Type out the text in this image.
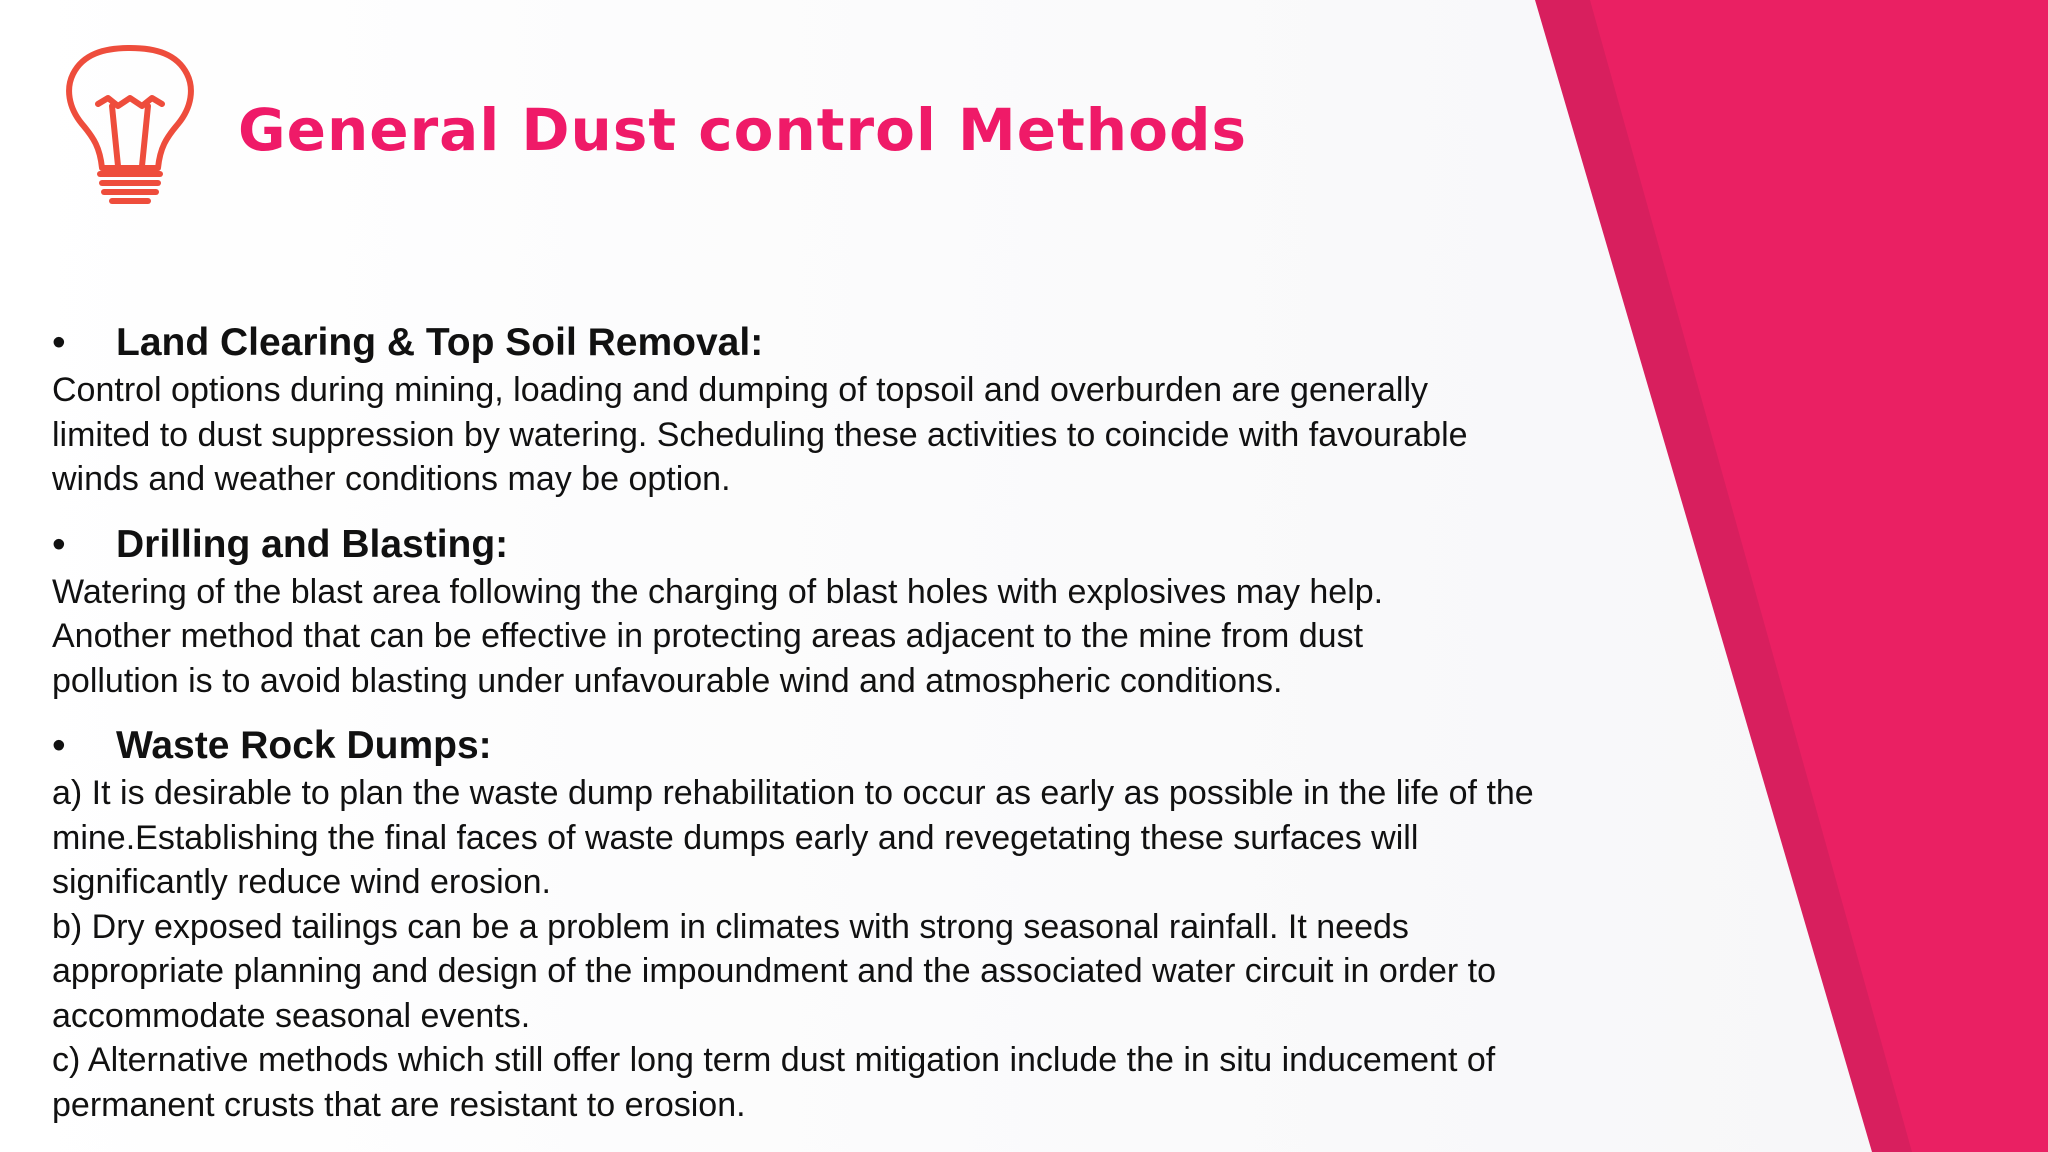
General Dust control Methods
•	Land Clearing & Top Soil Removal:

Control options during mining, loading and dumping of topsoil and overburden are generally

limited to dust suppression by watering. Scheduling these activities to coincide with favourable

winds and weather conditions may be option.

•	Drilling and Blasting:

Watering of the blast area following the charging of blast holes with explosives may help.

Another method that can be effective in protecting areas adjacent to the mine from dust

pollution is to avoid blasting under unfavourable wind and atmospheric conditions.

•	Waste Rock Dumps:

a) It is desirable to plan the waste dump rehabilitation to occur as early as possible in the life of the

mine.Establishing the final faces of waste dumps early and revegetating these surfaces will

significantly reduce wind erosion.

b) Dry exposed tailings can be a problem in climates with strong seasonal rainfall. It needs

appropriate planning and design of the impoundment and the associated water circuit in order to

accommodate seasonal events.

c) Alternative methods which still offer long term dust mitigation include the in situ inducement of

permanent crusts that are resistant to erosion.
